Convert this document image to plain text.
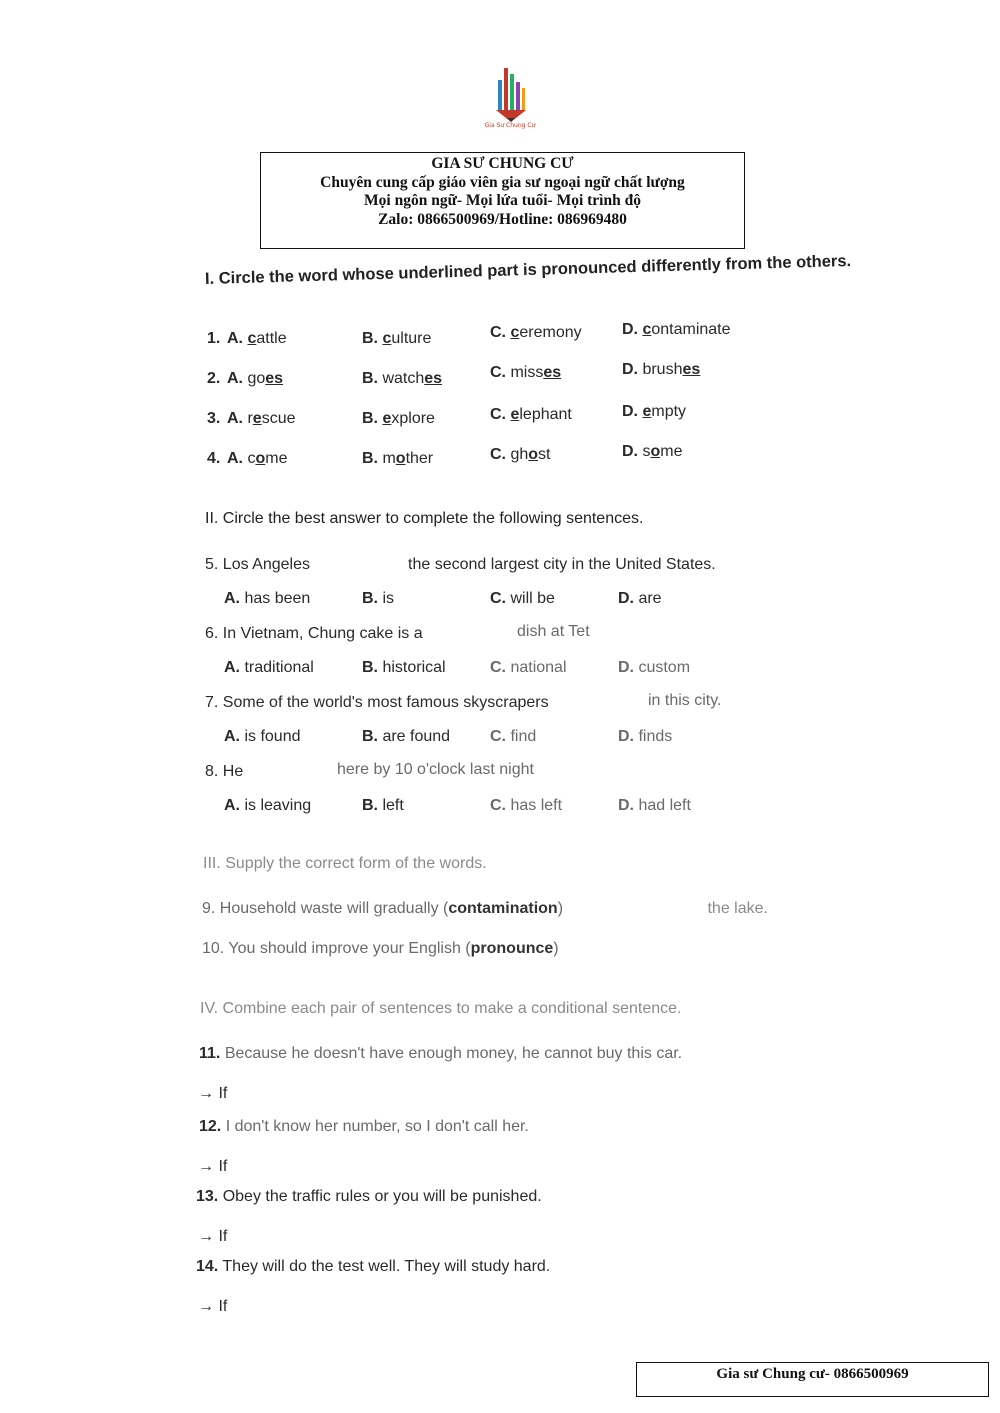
Gia Sư Chung Cư
GIA SƯ CHUNG CƯ
Chuyên cung cấp giáo viên gia sư ngoại ngữ chất lượng
Mọi ngôn ngữ- Mọi lứa tuổi- Mọi trình độ
Zalo: 0866500969/Hotline: 086969480
I. Circle the word whose underlined part is pronounced differently from the others.
1. A. cattle	B. culture	C. ceremony	D. contaminate
2. A. goes	B. watches	C. misses	D. brushes
3. A. rescue	B. explore	C. elephant	D. empty
4. A. come	B. mother	C. ghost	D. some
II. Circle the best answer to complete the following sentences.
5. Los Angeles	the second largest city in the United States.
A. has been	B. is	C. will be	D. are
6. In Vietnam, Chung cake is a	dish at Tet
A. traditional	B. historical	C. national	D. custom
7. Some of the world's most famous skyscrapers	in this city.
A. is found	B. are found C. find	D. finds
8. He	here by 10 o'clock last night
A. is leaving	B. left	C. has left	D. had left
III. Supply the correct form of the words.
9. Household waste will gradually (contamination)	the lake.
10. You should improve your English (pronounce)
IV. Combine each pair of sentences to make a conditional sentence.
11. Because he doesn't have enough money, he cannot buy this car.
→ If
12. I don't know her number, so I don't call her.
→ If
13. Obey the traffic rules or you will be punished.
→ If
14. They will do the test well. They will study hard.
→ If
Gia sư Chung cư- 0866500969
